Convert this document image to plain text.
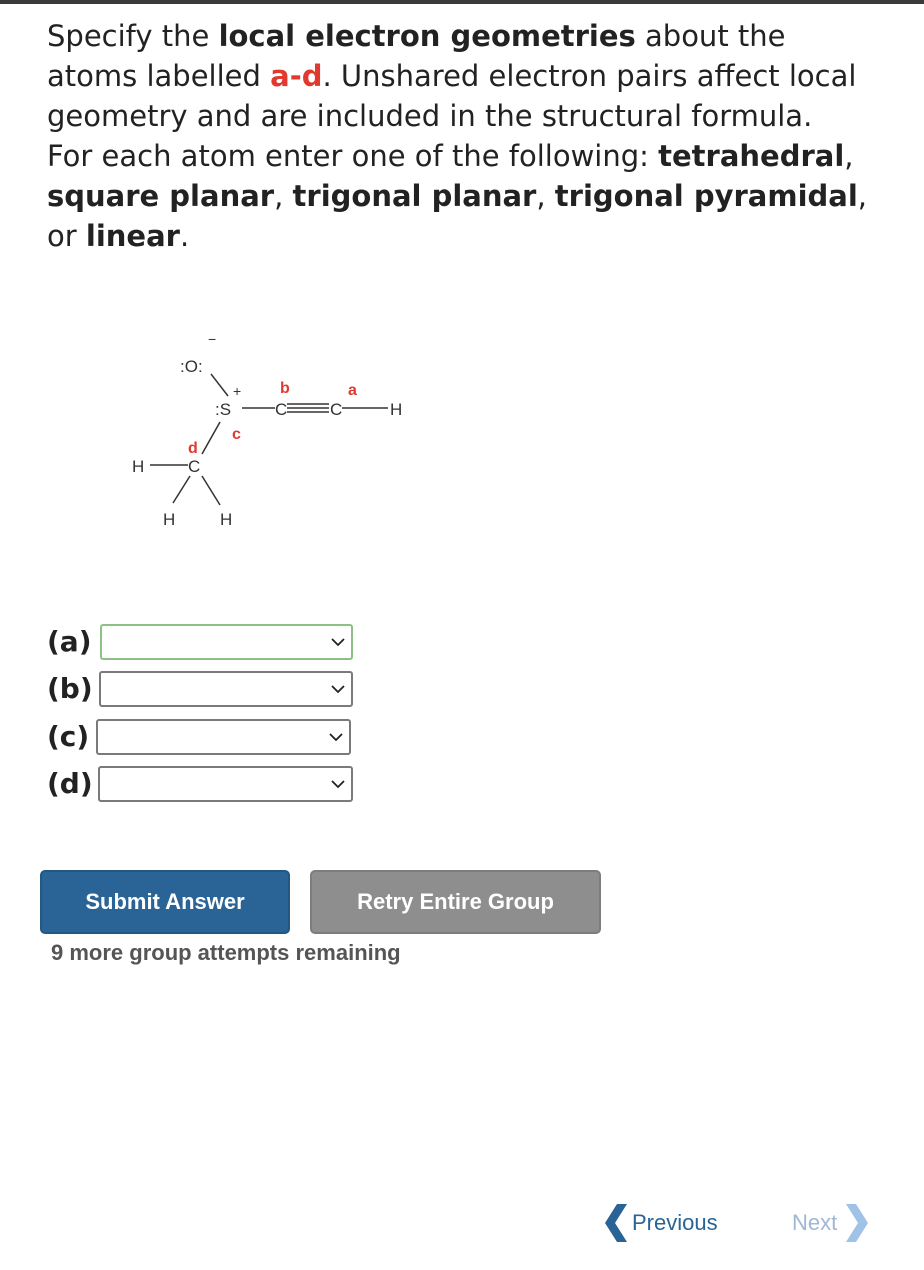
Specify the local electron geometries about the atoms labelled a-d. Unshared electron pairs affect local geometry and are included in the structural formula.

For each atom enter one of the following: tetrahedral, square planar, trigonal planar, trigonal pyramidal, or linear.

:O:
:S	C	C	H
C
H
H	H
−
+	a
b
c
d
(a)
(b)
(c)
(d)
Submit Answer	Retry Entire Group
9 more group attempts remaining
Previous	Next
